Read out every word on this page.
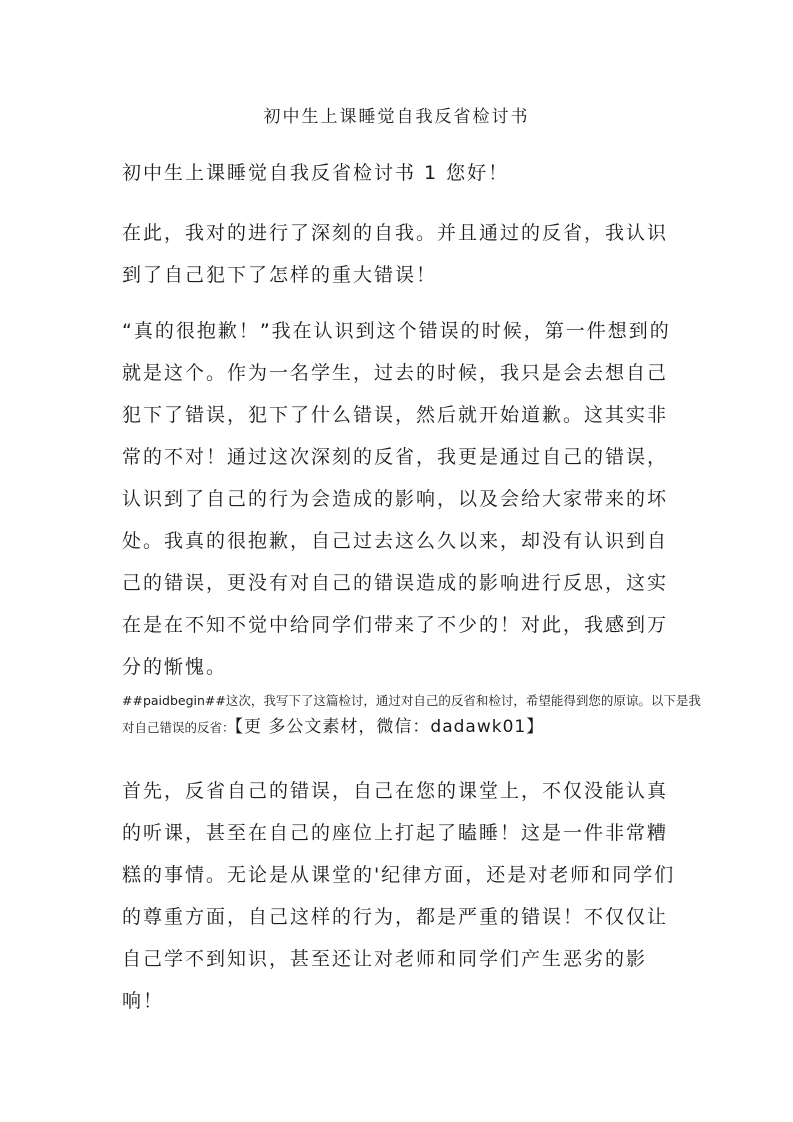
初中生上课睡觉自我反省检讨书

初中生上课睡觉自我反省检讨书 1 您好！

在此，我对的进行了深刻的自我。并且通过的反省，我认识到了自己犯下了怎样的重大错误！

“真的很抱歉！”我在认识到这个错误的时候，第一件想到的就是这个。作为一名学生，过去的时候，我只是会去想自己犯下了错误，犯下了什么错误，然后就开始道歉。这其实非常的不对！通过这次深刻的反省，我更是通过自己的错误，认识到了自己的行为会造成的影响，以及会给大家带来的坏处。我真的很抱歉，自己过去这么久以来，却没有认识到自己的错误，更没有对自己的错误造成的影响进行反思，这实在是在不知不觉中给同学们带来了不少的！对此，我感到万分的惭愧。

##paidbegin##这次，我写下了这篇检讨，通过对自己的反省和检讨，希望能得到您的原谅。以下是我对自己错误的反省：【更 多公文素材，微信：dadawk01】

首先，反省自己的错误，自己在您的课堂上，不仅没能认真的听课，甚至在自己的座位上打起了瞌睡！这是一件非常糟糕的事情。无论是从课堂的'纪律方面，还是对老师和同学们的尊重方面，自己这样的行为，都是严重的错误！不仅仅让自己学不到知识，甚至还让对老师和同学们产生恶劣的影响！
